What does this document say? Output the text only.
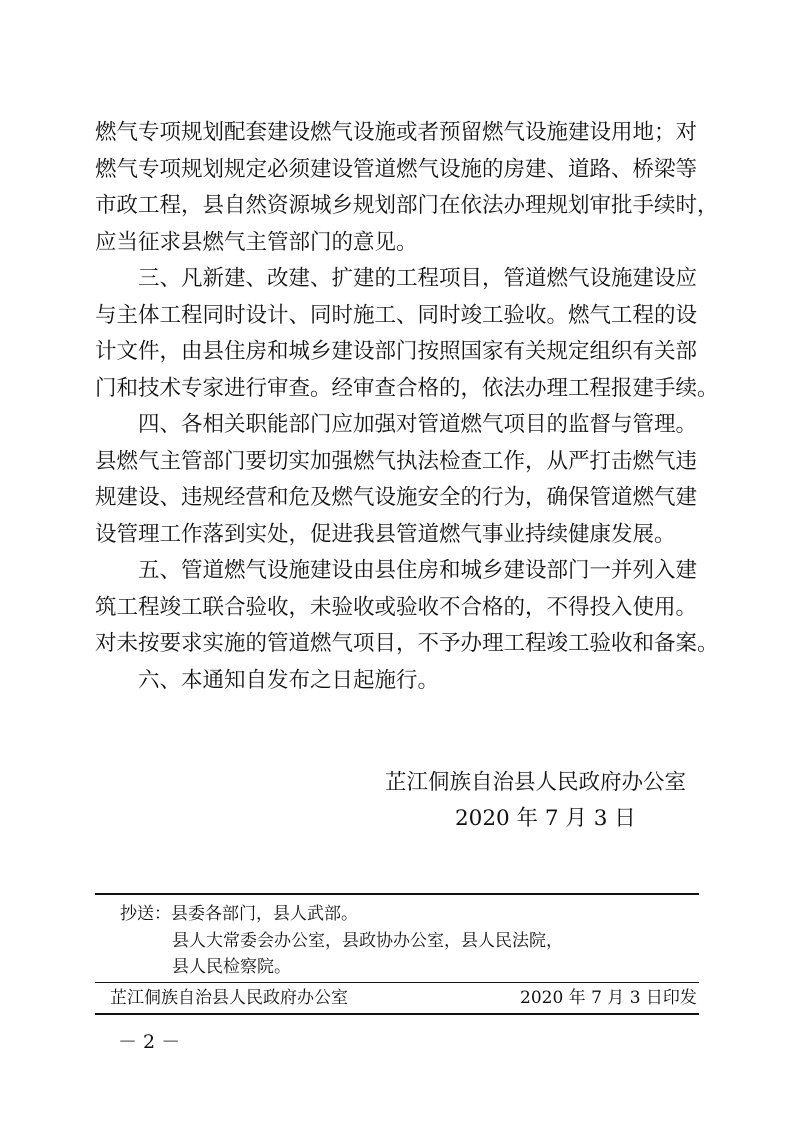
燃气专项规划配套建设燃气设施或者预留燃气设施建设用地；对
燃气专项规划规定必须建设管道燃气设施的房建、道路、桥梁等
市政工程，县自然资源城乡规划部门在依法办理规划审批手续时，
应当征求县燃气主管部门的意见。
　　三、凡新建、改建、扩建的工程项目，管道燃气设施建设应
与主体工程同时设计、同时施工、同时竣工验收。燃气工程的设
计文件，由县住房和城乡建设部门按照国家有关规定组织有关部
门和技术专家进行审查。经审查合格的，依法办理工程报建手续。
　　四、各相关职能部门应加强对管道燃气项目的监督与管理。
县燃气主管部门要切实加强燃气执法检查工作，从严打击燃气违
规建设、违规经营和危及燃气设施安全的行为，确保管道燃气建
设管理工作落到实处，促进我县管道燃气事业持续健康发展。
　　五、管道燃气设施建设由县住房和城乡建设部门一并列入建
筑工程竣工联合验收，未验收或验收不合格的，不得投入使用。
对未按要求实施的管道燃气项目，不予办理工程竣工验收和备案。
　　六、本通知自发布之日起施行。
芷江侗族自治县人民政府办公室
2020 年 7 月 3 日
抄送：县委各部门，县人武部。
县人大常委会办公室，县政协办公室，县人民法院，
县人民检察院。
芷江侗族自治县人民政府办公室	2020 年 7 月 3 日印发
－ 2 －
